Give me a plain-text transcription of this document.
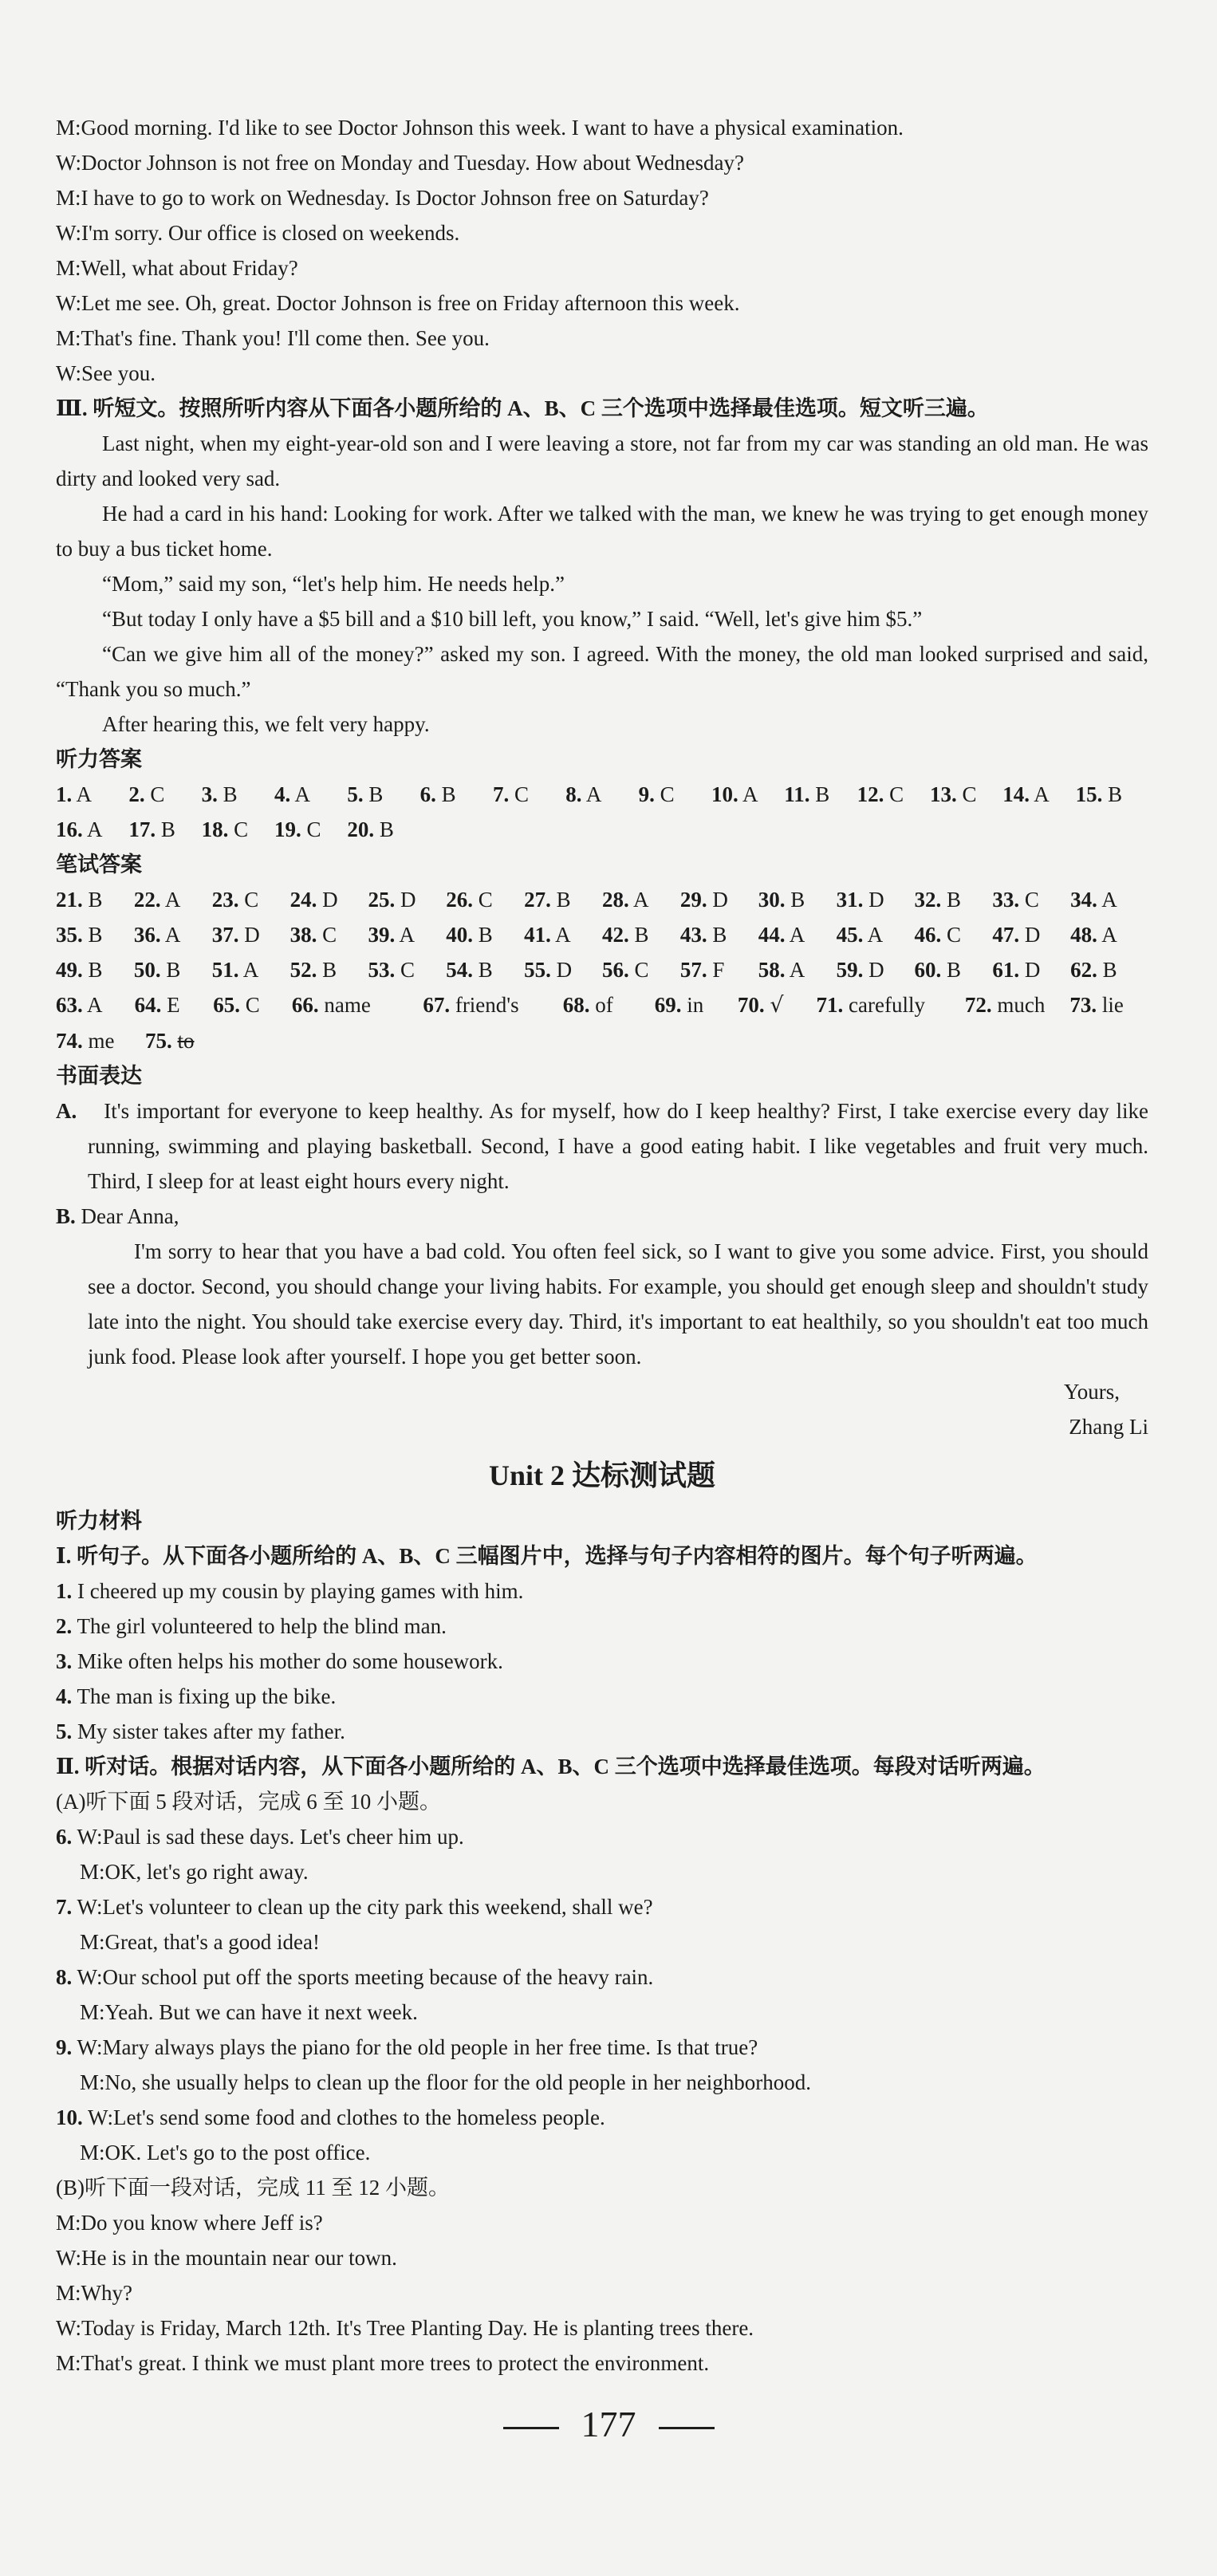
M:Good morning. I'd like to see Doctor Johnson this week. I want to have a physical examination.
W:Doctor Johnson is not free on Monday and Tuesday. How about Wednesday?
M:I have to go to work on Wednesday. Is Doctor Johnson free on Saturday?
W:I'm sorry. Our office is closed on weekends.
M:Well, what about Friday?
W:Let me see. Oh, great. Doctor Johnson is free on Friday afternoon this week.
M:That's fine. Thank you! I'll come then. See you.
W:See you.
Ⅲ. 听短文。按照所听内容从下面各小题所给的 A、B、C 三个选项中选择最佳选项。短文听三遍。
Last night, when my eight-year-old son and I were leaving a store, not far from my car was standing an old man. He was dirty and looked very sad.
He had a card in his hand: Looking for work. After we talked with the man, we knew he was trying to get enough money to buy a bus ticket home.
“Mom,” said my son, “let's help him. He needs help.”
“But today I only have a $5 bill and a $10 bill left, you know,” I said. “Well, let's give him $5.”
“Can we give him all of the money?” asked my son. I agreed. With the money, the old man looked surprised and said, “Thank you so much.”
After hearing this, we felt very happy.
听力答案
1. A	2. C	3. B	4. A	5. B	6. B	7. C	8. A	9. C	10. A	11. B	12. C	13. C	14. A	15. B
16. A	17. B	18. C	19. C	20. B
笔试答案
21. B	22. A	23. C	24. D	25. D	26. C	27. B	28. A	29. D	30. B	31. D	32. B	33. C	34. A
35. B	36. A	37. D	38. C	39. A	40. B	41. A	42. B	43. B	44. A	45. A	46. C	47. D	48. A
49. B	50. B	51. A	52. B	53. C	54. B	55. D	56. C	57. F	58. A	59. D	60. B	61. D	62. B
63. A	64. E	65. C	66. name	67. friend's	68. of	69. in	70. √	71. carefully	72. much	73. lie
74. me	75. to
书面表达
A. It's important for everyone to keep healthy. As for myself, how do I keep healthy? First, I take exercise every day like running, swimming and playing basketball. Second, I have a good eating habit. I like vegetables and fruit very much. Third, I sleep for at least eight hours every night.
B. Dear Anna,
I'm sorry to hear that you have a bad cold. You often feel sick, so I want to give you some advice. First, you should see a doctor. Second, you should change your living habits. For example, you should get enough sleep and shouldn't study late into the night. You should take exercise every day. Third, it's important to eat healthily, so you shouldn't eat too much junk food. Please look after yourself. I hope you get better soon.
Yours,
Zhang Li
Unit 2 达标测试题
听力材料
Ⅰ. 听句子。从下面各小题所给的 A、B、C 三幅图片中，选择与句子内容相符的图片。每个句子听两遍。
1. I cheered up my cousin by playing games with him.
2. The girl volunteered to help the blind man.
3. Mike often helps his mother do some housework.
4. The man is fixing up the bike.
5. My sister takes after my father.
Ⅱ. 听对话。根据对话内容，从下面各小题所给的 A、B、C 三个选项中选择最佳选项。每段对话听两遍。
(A)听下面 5 段对话，完成 6 至 10 小题。
6. W:Paul is sad these days. Let's cheer him up.
M:OK, let's go right away.
7. W:Let's volunteer to clean up the city park this weekend, shall we?
M:Great, that's a good idea!
8. W:Our school put off the sports meeting because of the heavy rain.
M:Yeah. But we can have it next week.
9. W:Mary always plays the piano for the old people in her free time. Is that true?
M:No, she usually helps to clean up the floor for the old people in her neighborhood.
10. W:Let's send some food and clothes to the homeless people.
M:OK. Let's go to the post office.
(B)听下面一段对话，完成 11 至 12 小题。
M:Do you know where Jeff is?
W:He is in the mountain near our town.
M:Why?
W:Today is Friday, March 12th. It's Tree Planting Day. He is planting trees there.
M:That's great. I think we must plant more trees to protect the environment.
177
